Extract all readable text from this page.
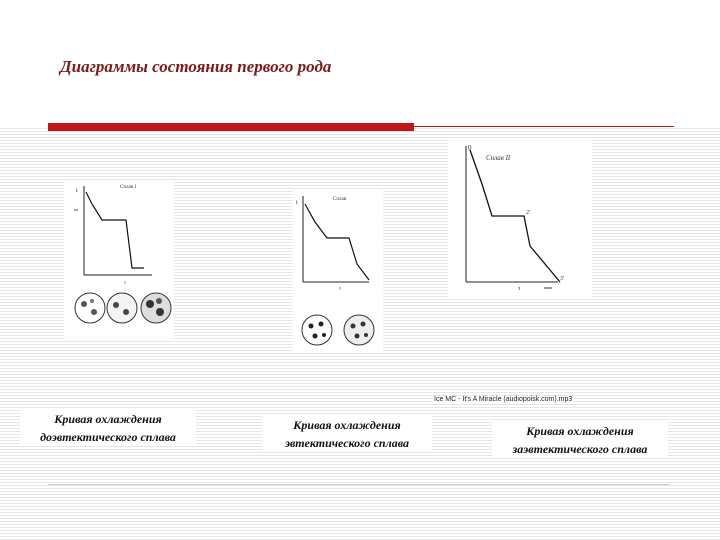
Диаграммы состояния первого рода
t
Сплав I
τ
t
Сплав
τ
0
Сплав II
2'
3'
τ
Ice MC - It's A Miracle (audiopoisk.com).mp3
Кривая охлаждения
доэвтектического сплава
Кривая охлаждения
эвтектического сплава
Кривая охлаждения
заэвтектического сплава
